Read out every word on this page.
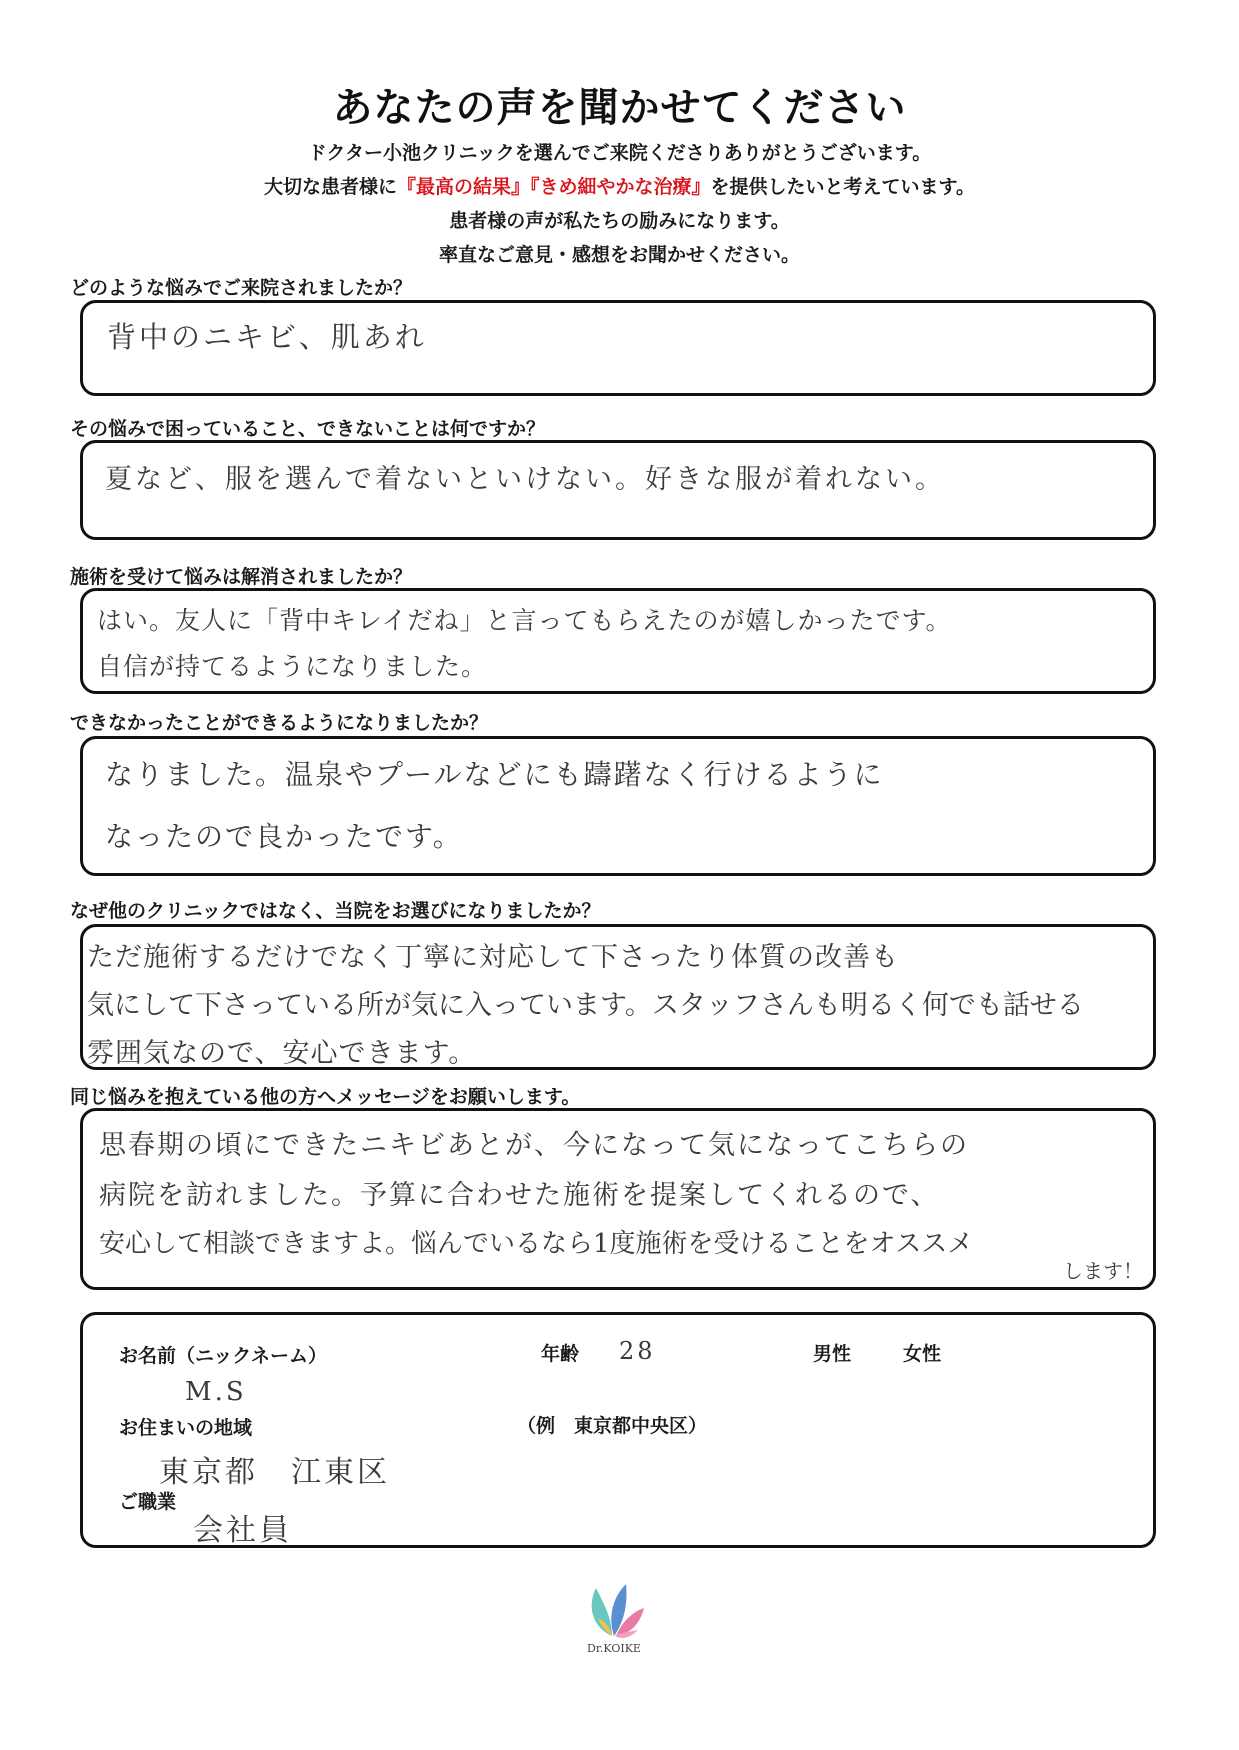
あなたの声を聞かせてください
ドクター小池クリニックを選んでご来院くださりありがとうございます。
大切な患者様に『最高の結果』『きめ細やかな治療』を提供したいと考えています。
患者様の声が私たちの励みになります。
率直なご意見・感想をお聞かせください。
どのような悩みでご来院されましたか？
背中のニキビ、肌あれ
その悩みで困っていること、できないことは何ですか？
夏など、服を選んで着ないといけない。好きな服が着れない。
施術を受けて悩みは解消されましたか？
はい。友人に「背中キレイだね」と言ってもらえたのが嬉しかったです。
自信が持てるようになりました。
できなかったことができるようになりましたか？
なりました。温泉やプールなどにも躊躇なく行けるように
なったので良かったです。
なぜ他のクリニックではなく、当院をお選びになりましたか？
ただ施術するだけでなく丁寧に対応して下さったり体質の改善も
気にして下さっている所が気に入っています。スタッフさんも明るく何でも話せる
雰囲気なので、安心できます。
同じ悩みを抱えている他の方へメッセージをお願いします。
思春期の頃にできたニキビあとが、今になって気になってこちらの
病院を訪れました。予算に合わせた施術を提案してくれるので、
安心して相談できますよ。悩んでいるなら1度施術を受けることをオススメ
します！
お名前（ニックネーム）
M.S
年齢 28	男性	女性
お住まいの地域	（例　東京都中央区）
東京都　江東区
ご職業
会社員
Dr.KOIKE
